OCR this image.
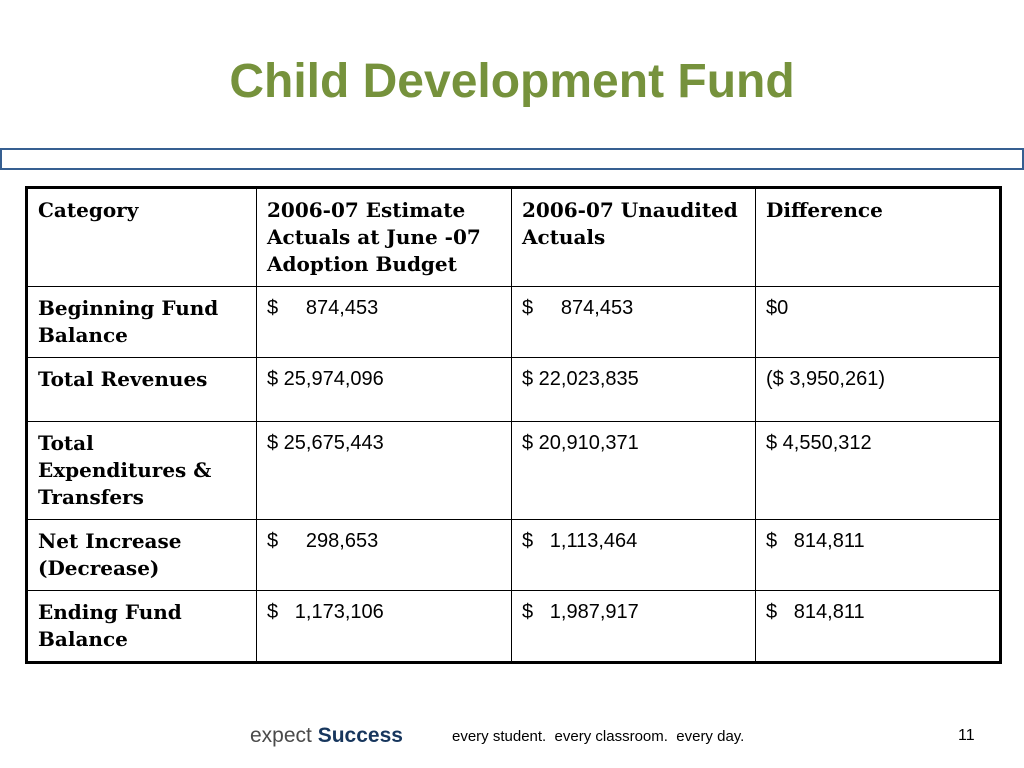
Child Development Fund
Category	2006-07 Estimate Actuals at June -07 Adoption Budget	2006-07 Unaudited Actuals	Difference
Beginning Fund Balance	$     874,453	$     874,453	$0
Total Revenues	$ 25,974,096	$ 22,023,835	($ 3,950,261)
Total Expenditures & Transfers	$ 25,675,443	$ 20,910,371	$ 4,550,312
Net Increase (Decrease)	$     298,653	$   1,113,464	$   814,811
Ending Fund Balance	$   1,173,106	$   1,987,917	$   814,811
expect Success	every student.  every classroom.  every day.	11
